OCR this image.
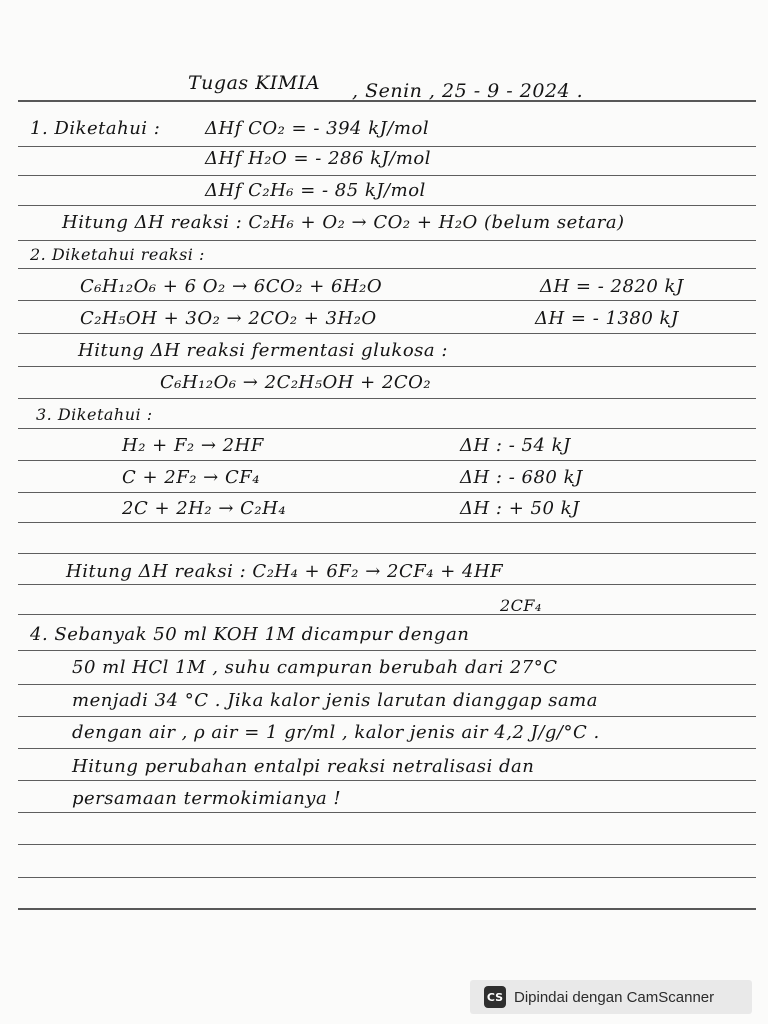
Tugas KIMIA , Senin , 25 - 9 - 2024 .
1. Diketahui : ΔHf CO₂ = - 394 kJ/mol
ΔHf H₂O = - 286 kJ/mol
ΔHf C₂H₆ = - 85 kJ/mol
Hitung ΔH reaksi : C₂H₆ + O₂ → CO₂ + H₂O (belum setara)
2. Diketahui reaksi :
C₆H₁₂O₆ + 6 O₂ → 6CO₂ + 6H₂O	ΔH = - 2820 kJ
C₂H₅OH + 3O₂ → 2CO₂ + 3H₂O	ΔH = - 1380 kJ
Hitung ΔH reaksi fermentasi glukosa :
C₆H₁₂O₆ → 2C₂H₅OH + 2CO₂
3. Diketahui :
H₂ + F₂ → 2HF	ΔH : - 54 kJ
C + 2F₂ → CF₄	ΔH : - 680 kJ
2C + 2H₂ → C₂H₄	ΔH : + 50 kJ
Hitung ΔH reaksi : C₂H₄ + 6F₂ → 2CF₄ + 4HF
2CF₄
4. Sebanyak 50 ml KOH 1M dicampur dengan
50 ml HCl 1M , suhu campuran berubah dari 27°C
menjadi 34 °C . Jika kalor jenis larutan dianggap sama
dengan air , ρ air = 1 gr/ml , kalor jenis air 4,2 J/g/°C .
Hitung perubahan entalpi reaksi netralisasi dan
persamaan termokimianya !
CS Dipindai dengan CamScanner
